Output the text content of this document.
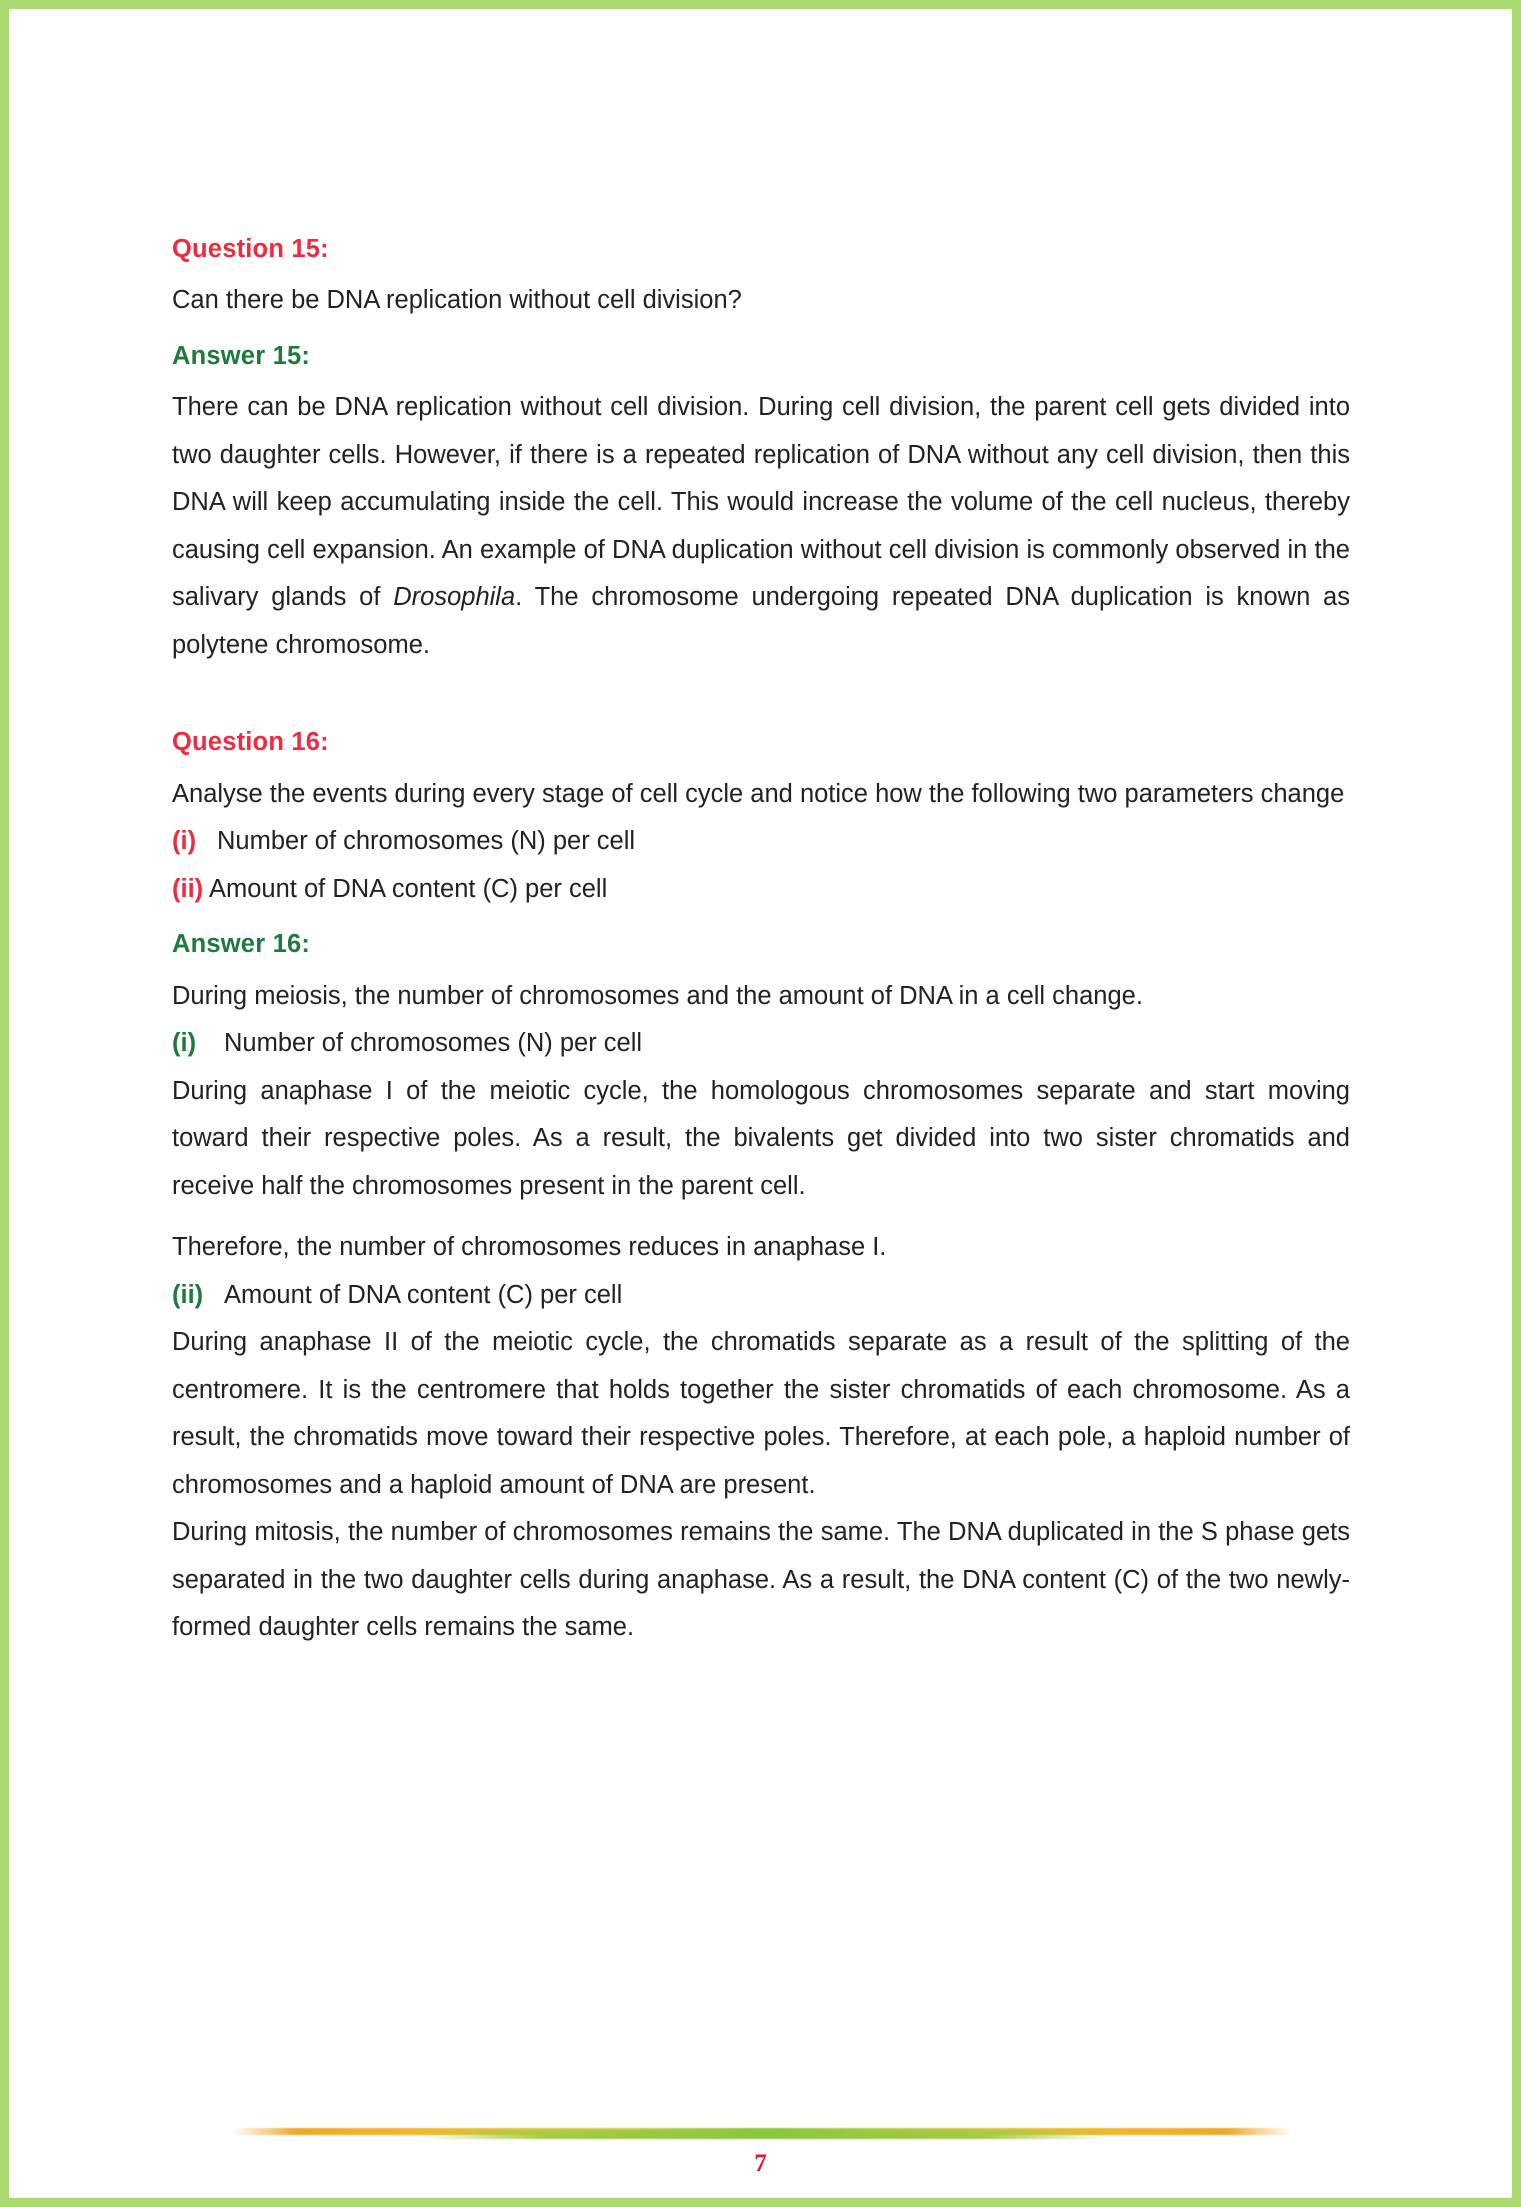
Question 15:

Can there be DNA replication without cell division?

Answer 15:

There can be DNA replication without cell division. During cell division, the parent cell gets divided into two daughter cells. However, if there is a repeated replication of DNA without any cell division, then this DNA will keep accumulating inside the cell. This would increase the volume of the cell nucleus, thereby causing cell expansion. An example of DNA duplication without cell division is commonly observed in the salivary glands of Drosophila. The chromosome undergoing repeated DNA duplication is known as polytene chromosome.

Question 16:

Analyse the events during every stage of cell cycle and notice how the following two parameters change

(i) Number of chromosomes (N) per cell
(ii) Amount of DNA content (C) per cell
Answer 16:

During meiosis, the number of chromosomes and the amount of DNA in a cell change.

(i)	Number of chromosomes (N) per cell

During anaphase I of the meiotic cycle, the homologous chromosomes separate and start moving toward their respective poles. As a result, the bivalents get divided into two sister chromatids and receive half the chromosomes present in the parent cell.

Therefore, the number of chromosomes reduces in anaphase I.

(ii) Amount of DNA content (C) per cell

During anaphase II of the meiotic cycle, the chromatids separate as a result of the splitting of the centromere. It is the centromere that holds together the sister chromatids of each chromosome. As a result, the chromatids move toward their respective poles. Therefore, at each pole, a haploid number of chromosomes and a haploid amount of DNA are present.

During mitosis, the number of chromosomes remains the same. The DNA duplicated in the S phase gets separated in the two daughter cells during anaphase. As a result, the DNA content (C) of the two newly-formed daughter cells remains the same.

7
